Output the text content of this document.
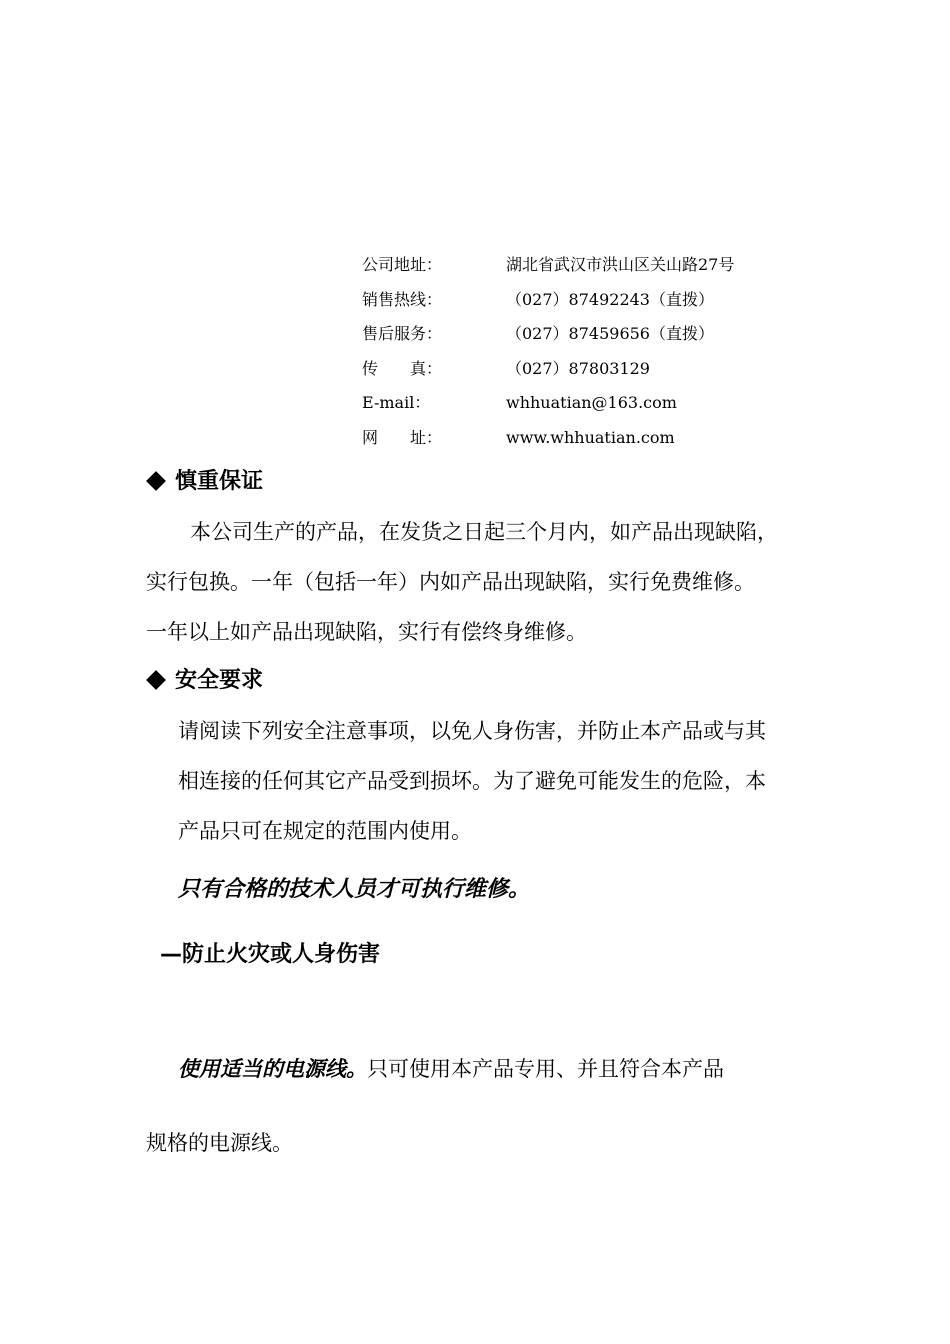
公司地址：	湖北省武汉市洪山区关山路27号
销售热线：	（027）87492243（直拨）
售后服务：	（027）87459656（直拨）
传　　真：	（027）87803129
E-mail：	whhuatian@163.com
网　　址：	www.whhuatian.com
慎重保证
本公司生产的产品，在发货之日起三个月内，如产品出现缺陷，
实行包换。一年（包括一年）内如产品出现缺陷，实行免费维修。
一年以上如产品出现缺陷，实行有偿终身维修。
安全要求
请阅读下列安全注意事项，以免人身伤害，并防止本产品或与其
相连接的任何其它产品受到损坏。为了避免可能发生的危险，本
产品只可在规定的范围内使用。
只有合格的技术人员才可执行维修。
—防止火灾或人身伤害
使用适当的电源线。只可使用本产品专用、并且符合本产品
规格的电源线。
